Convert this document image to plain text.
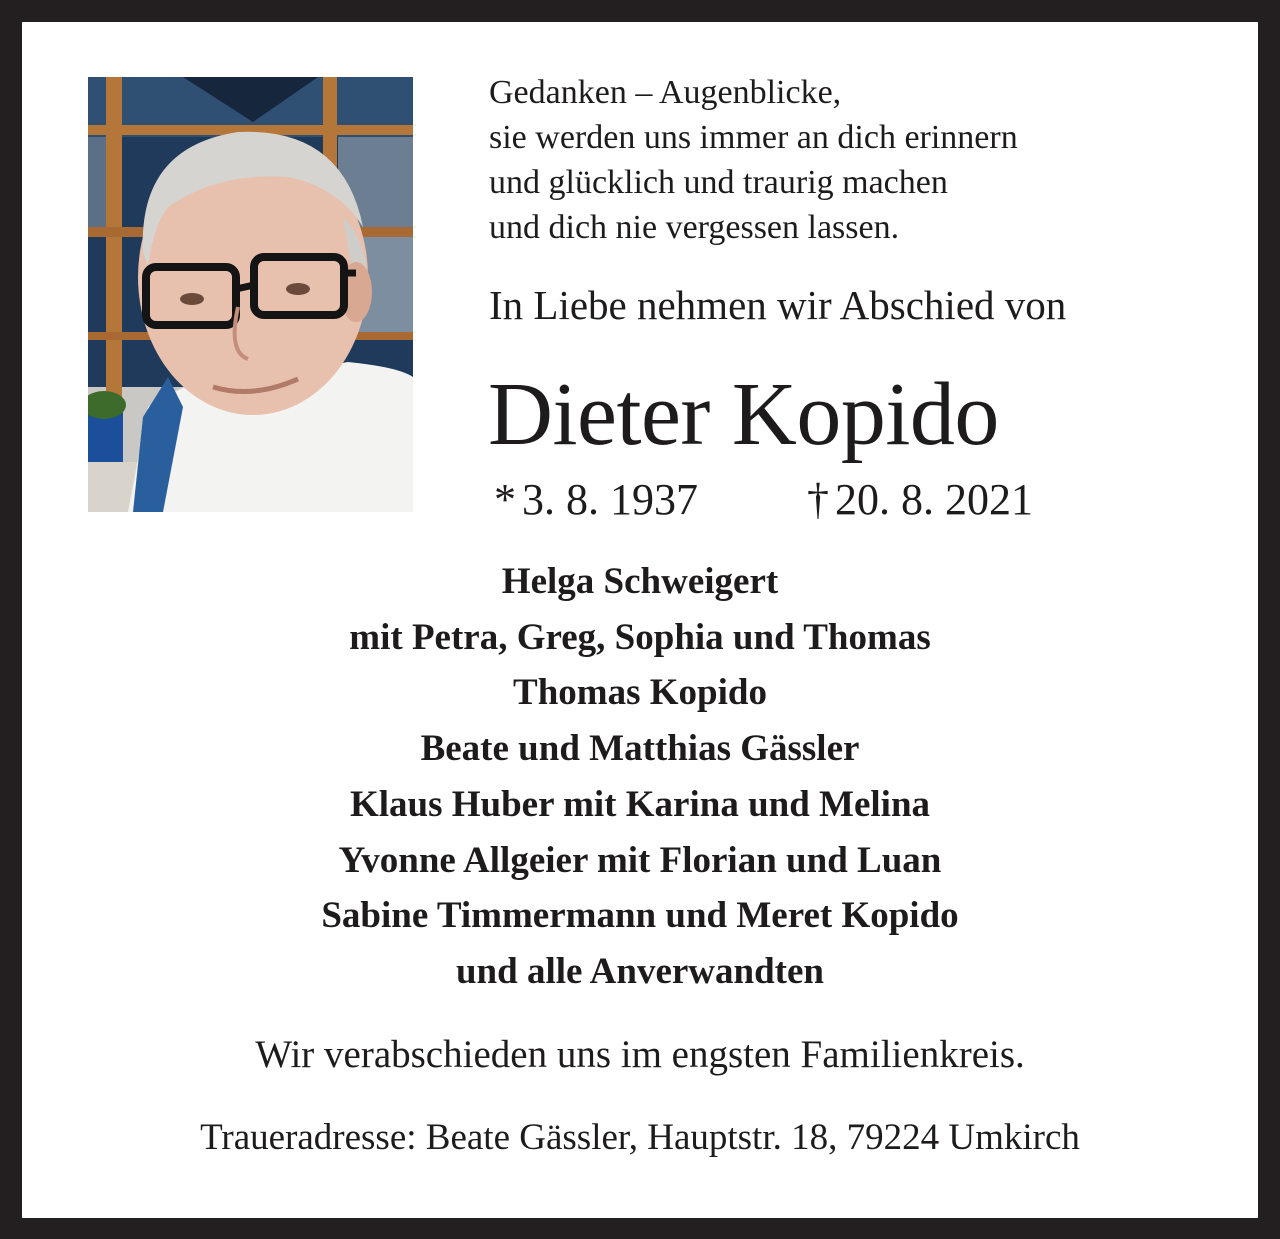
Gedanken – Augenblicke,
sie werden uns immer an dich erinnern
und glücklich und traurig machen
und dich nie vergessen lassen.
In Liebe nehmen wir Abschied von
Dieter Kopido
* 3. 8. 1937 † 20. 8. 2021
Helga Schweigert
mit Petra, Greg, Sophia und Thomas
Thomas Kopido
Beate und Matthias Gässler
Klaus Huber mit Karina und Melina
Yvonne Allgeier mit Florian und Luan
Sabine Timmermann und Meret Kopido
und alle Anverwandten
Wir verabschieden uns im engsten Familienkreis.
Traueradresse: Beate Gässler, Hauptstr. 18, 79224 Umkirch
